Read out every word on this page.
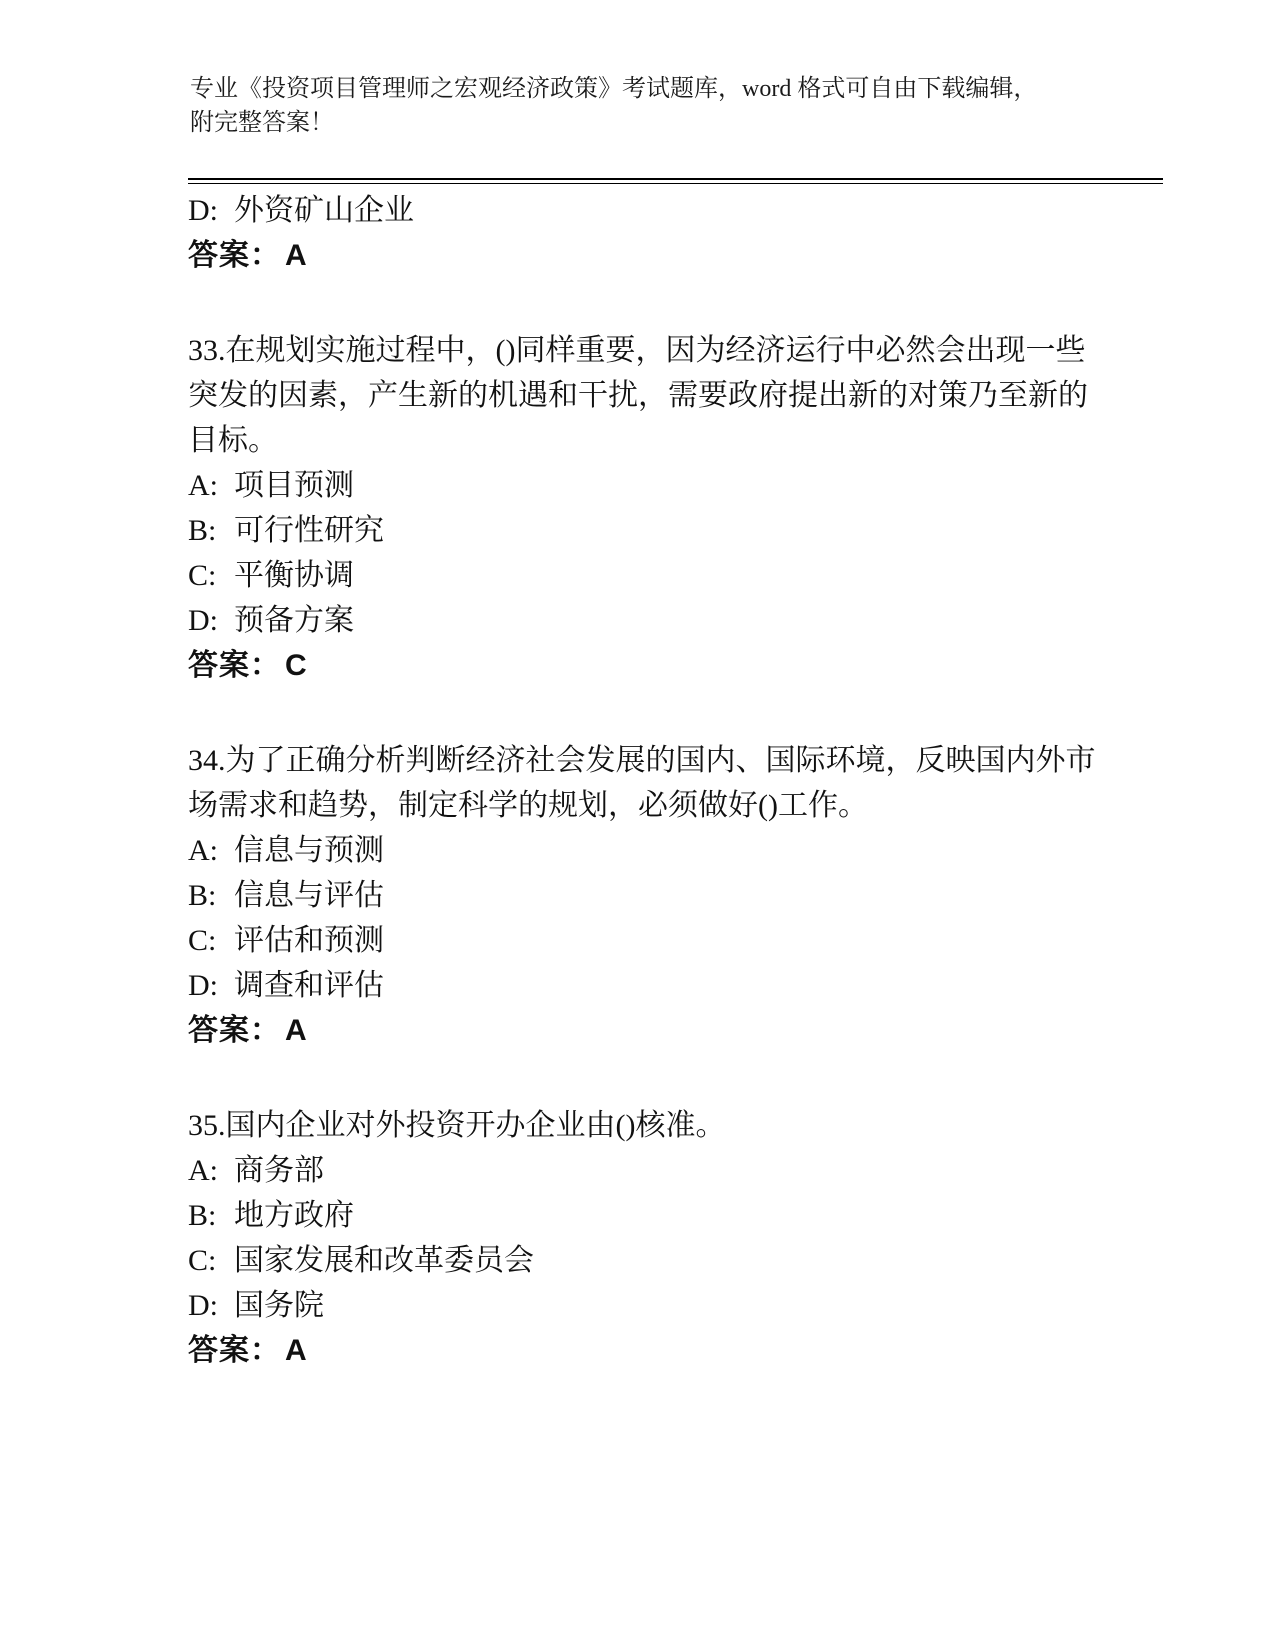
专业《投资项目管理师之宏观经济政策》考试题库，word 格式可自由下载编辑，
附完整答案！
D: 外资矿山企业
答案： A
33.在规划实施过程中，()同样重要，因为经济运行中必然会出现一些
突发的因素，产生新的机遇和干扰，需要政府提出新的对策乃至新的
目标。
A: 项目预测
B: 可行性研究
C: 平衡协调
D: 预备方案
答案： C
34.为了正确分析判断经济社会发展的国内、国际环境，反映国内外市
场需求和趋势，制定科学的规划，必须做好()工作。
A: 信息与预测
B: 信息与评估
C: 评估和预测
D: 调查和评估
答案： A
35.国内企业对外投资开办企业由()核准。
A: 商务部
B: 地方政府
C: 国家发展和改革委员会
D: 国务院
答案： A
